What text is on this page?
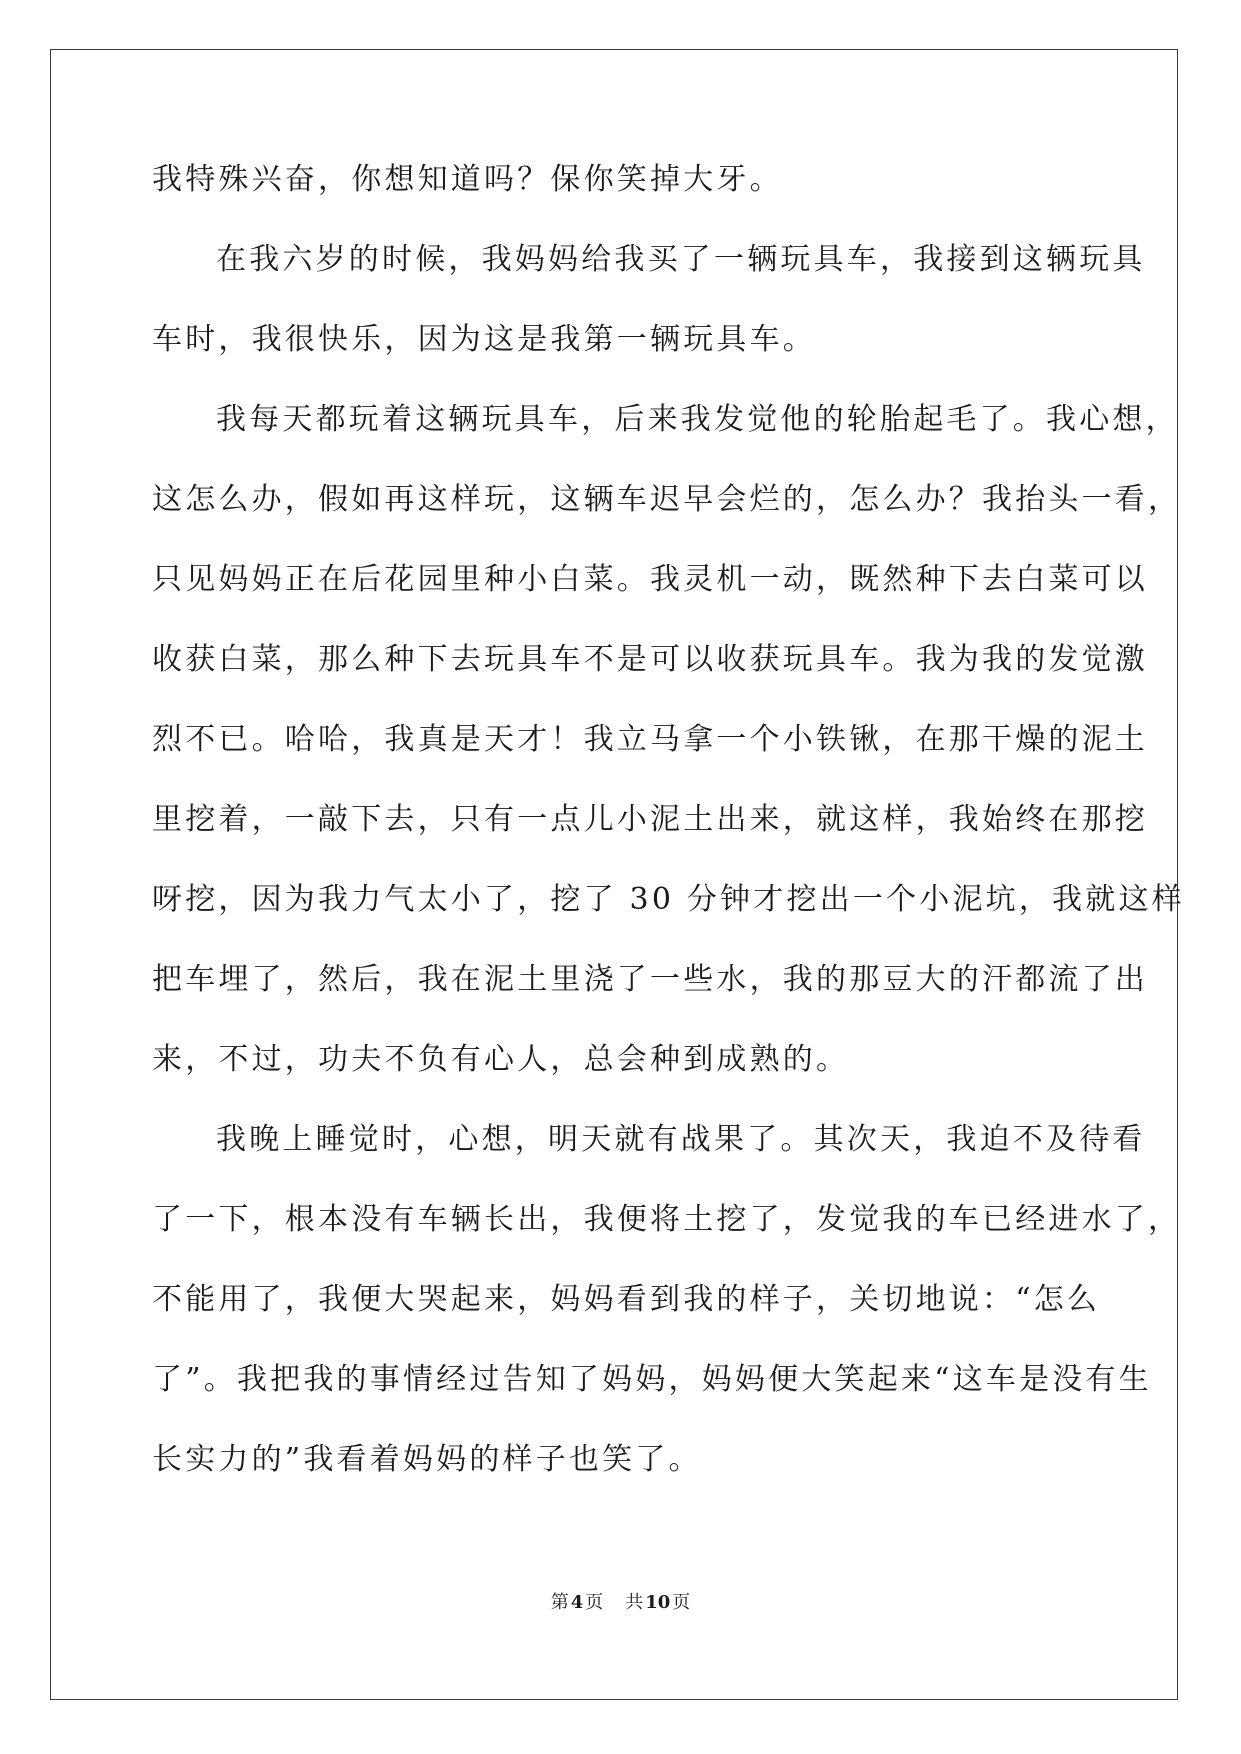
我特殊兴奋，你想知道吗？保你笑掉大牙。
在我六岁的时候，我妈妈给我买了一辆玩具车，我接到这辆玩具
车时，我很快乐，因为这是我第一辆玩具车。
我每天都玩着这辆玩具车，后来我发觉他的轮胎起毛了。我心想，
这怎么办，假如再这样玩，这辆车迟早会烂的，怎么办？我抬头一看，
只见妈妈正在后花园里种小白菜。我灵机一动，既然种下去白菜可以
收获白菜，那么种下去玩具车不是可以收获玩具车。我为我的发觉激
烈不已。哈哈，我真是天才！我立马拿一个小铁锹，在那干燥的泥土
里挖着，一敲下去，只有一点儿小泥土出来，就这样，我始终在那挖
呀挖，因为我力气太小了，挖了 30 分钟才挖出一个小泥坑，我就这样
把车埋了，然后，我在泥土里浇了一些水，我的那豆大的汗都流了出
来，不过，功夫不负有心人，总会种到成熟的。
我晚上睡觉时，心想，明天就有战果了。其次天，我迫不及待看
了一下，根本没有车辆长出，我便将土挖了，发觉我的车已经进水了，
不能用了，我便大哭起来，妈妈看到我的样子，关切地说：“怎么
了”。我把我的事情经过告知了妈妈，妈妈便大笑起来“这车是没有生
长实力的”我看着妈妈的样子也笑了。
第 4 页 共 10 页
